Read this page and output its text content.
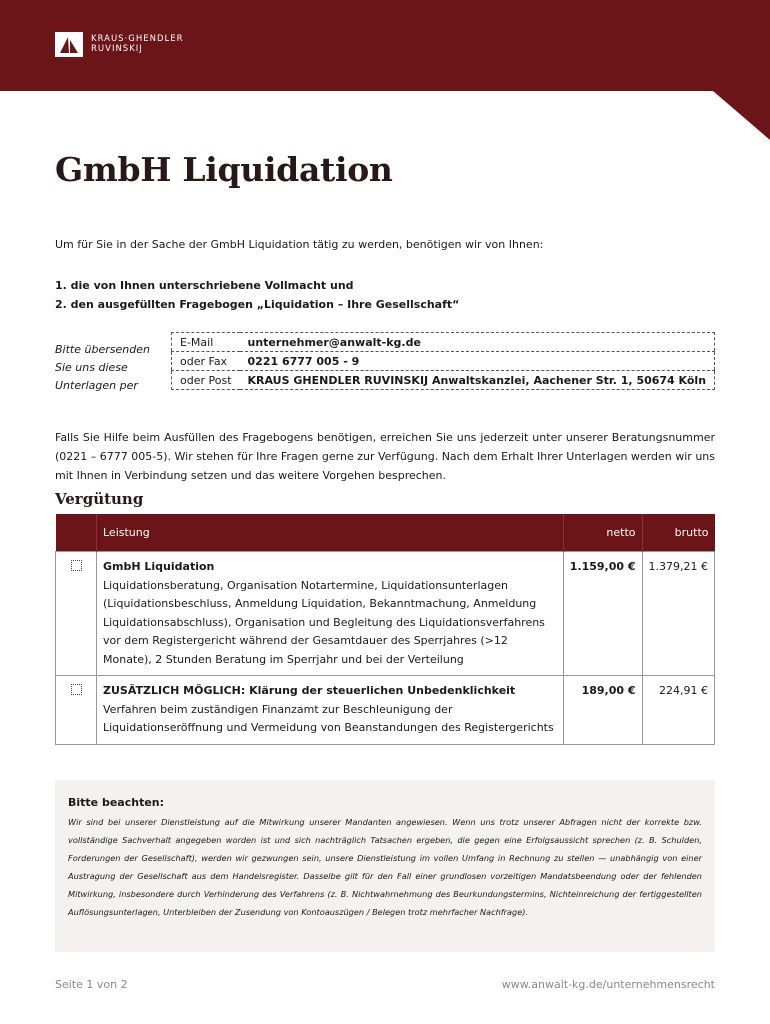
KRAUS·GHENDLER
RUVINSKIJ
GmbH Liquidation
Um für Sie in der Sache der GmbH Liquidation tätig zu werden, benötigen wir von Ihnen:
1. die von Ihnen unterschriebene Vollmacht und
2. den ausgefüllten Fragebogen „Liquidation – Ihre Gesellschaft“
Bitte übersenden
Sie uns diese
Unterlagen per
E-Mail	unternehmer@anwalt-kg.de
oder Fax	0221 6777 005 - 9
oder Post	KRAUS GHENDLER RUVINSKIJ Anwaltskanzlei, Aachener Str. 1, 50674 Köln
Falls Sie Hilfe beim Ausfüllen des Fragebogens benötigen, erreichen Sie uns jederzeit unter unserer Beratungsnummer (0221 – 6777 005-5). Wir stehen für Ihre Fragen gerne zur Verfügung. Nach dem Erhalt Ihrer Unterlagen werden wir uns mit Ihnen in Verbindung setzen und das weitere Vorgehen besprechen.
Vergütung
	Leistung	netto	brutto

	GmbH Liquidation
Liquidationsberatung, Organisation Notartermine, Liquidationsunterlagen (Liquidationsbeschluss, Anmeldung Liquidation, Bekanntmachung, Anmeldung Liquidationsabschluss), Organisation und Begleitung des Liquidationsverfahrens vor dem Registergericht während der Gesamtdauer des Sperrjahres (>12 Monate), 2 Stunden Beratung im Sperrjahr und bei der Verteilung	1.159,00 €	1.379,21 €

	ZUSÄTZLICH MÖGLICH: Klärung der steuerlichen Unbedenklichkeit
Verfahren beim zuständigen Finanzamt zur Beschleunigung der Liquidationseröffnung und Vermeidung von Beanstandungen des Registergerichts	189,00 €	224,91 €
Bitte beachten:
Wir sind bei unserer Dienstleistung auf die Mitwirkung unserer Mandanten angewiesen. Wenn uns trotz unserer Abfragen nicht der korrekte bzw. vollständige Sachverhalt angegeben worden ist und sich nachträglich Tatsachen ergeben, die gegen eine Erfolgsaussicht sprechen (z. B. Schulden, Forderungen der Gesellschaft), werden wir gezwungen sein, unsere Dienstleistung im vollen Umfang in Rechnung zu stellen — unabhängig von einer Austragung der Gesellschaft aus dem Handelsregister. Dasselbe gilt für den Fall einer grundlosen vorzeitigen Mandatsbeendung oder der fehlenden Mitwirkung, insbesondere durch Verhinderung des Verfahrens (z. B. Nichtwahrnehmung des Beurkundungstermins, Nichteinreichung der fertiggestellten Auflösungsunterlagen, Unterbleiben der Zusendung von Kontoauszügen / Belegen trotz mehrfacher Nachfrage).
Seite 1 von 2	www.anwalt-kg.de/unternehmensrecht
